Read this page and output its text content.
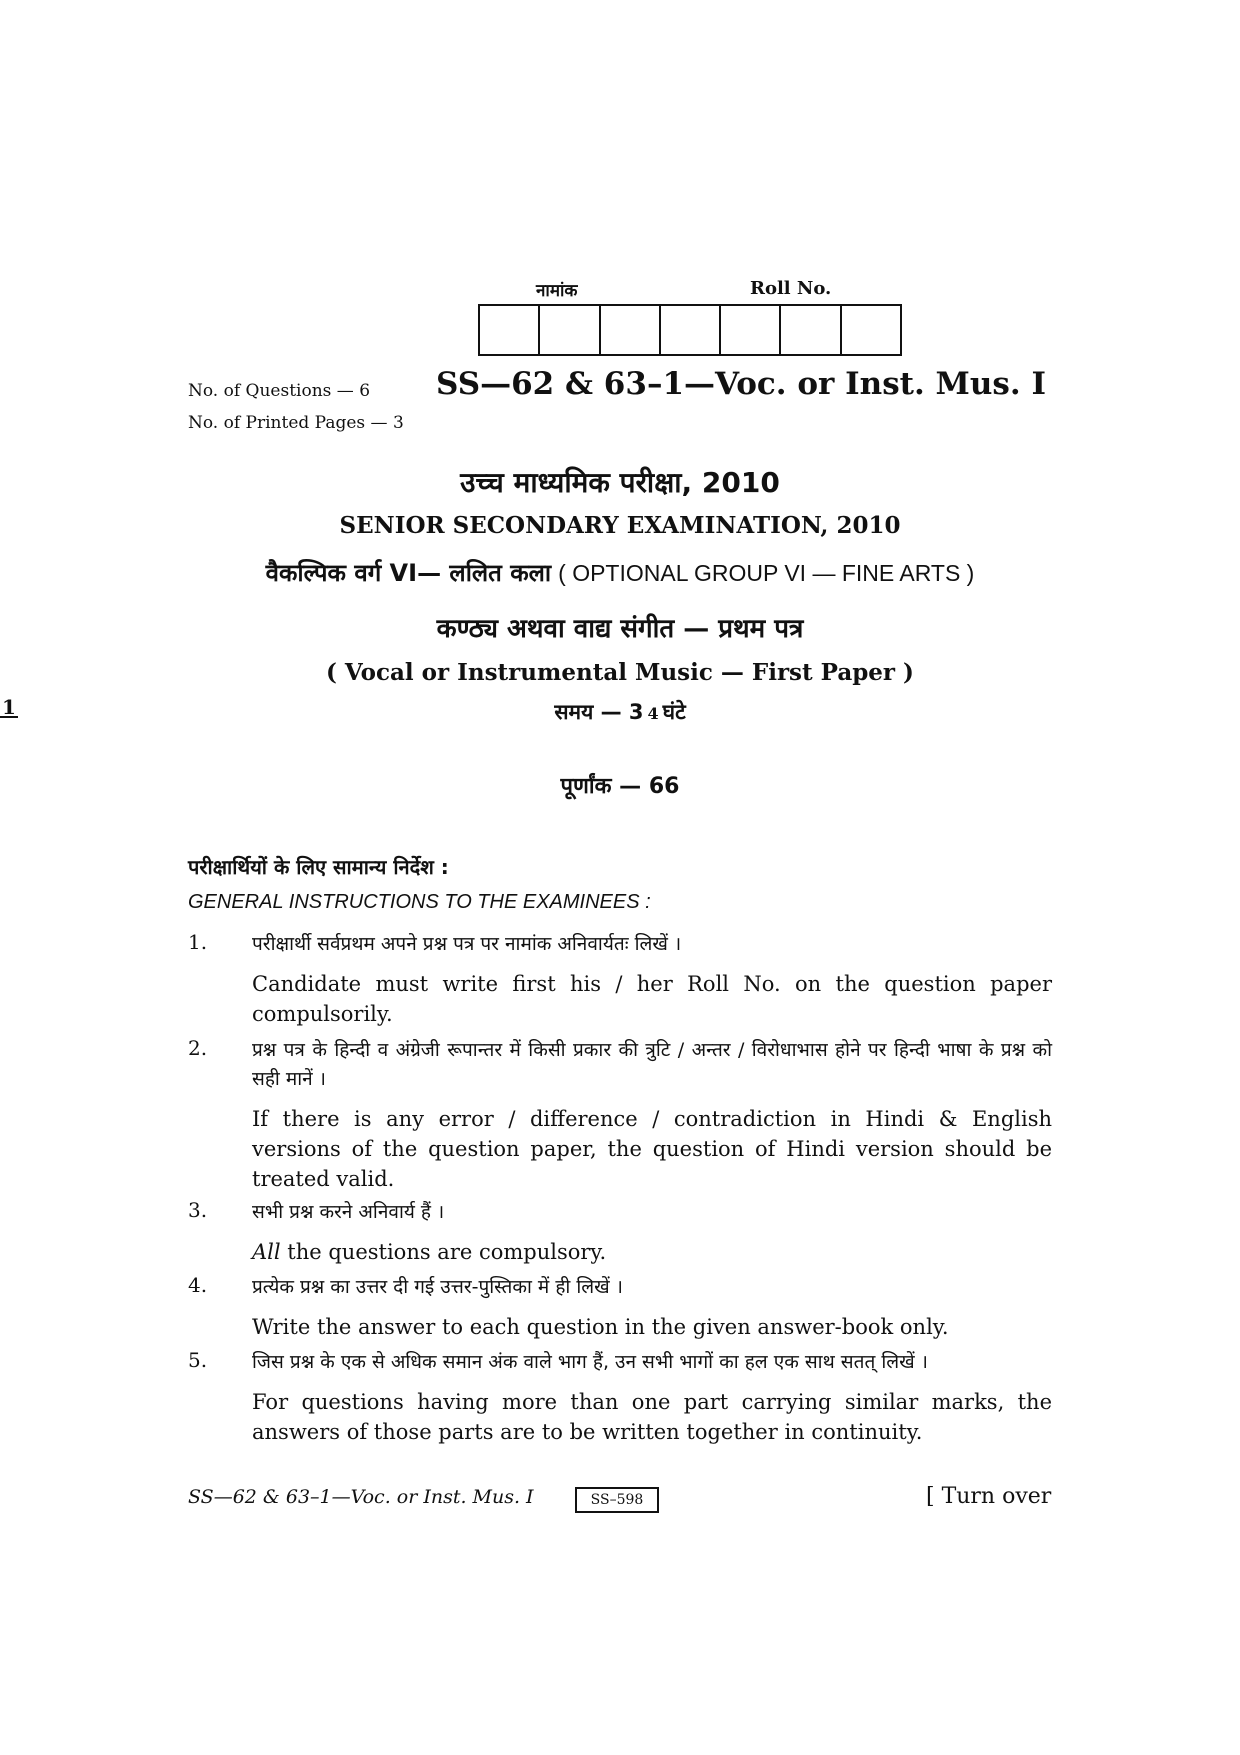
नामांक	Roll No.
No. of Questions — 6
No. of Printed Pages — 3
SS—62 & 63–1—Voc. or Inst. Mus. I
उच्च माध्यमिक परीक्षा, 2010
SENIOR SECONDARY EXAMINATION, 2010
वैकल्पिक वर्ग VI— ललित कला ( OPTIONAL GROUP VI — FINE ARTS )
कण्ठ्य अथवा वाद्य संगीत — प्रथम पत्र
( Vocal or Instrumental Music — First Paper )
समय — 3
1	4 घंटे
पूर्णांक — 66
परीक्षार्थियों के लिए सामान्य निर्देश :
GENERAL INSTRUCTIONS TO THE EXAMINEES :
1. परीक्षार्थी सर्वप्रथम अपने प्रश्न पत्र पर नामांक अनिवार्यतः लिखें ।
Candidate must write first his / her Roll No. on the question paper compulsorily.
2. प्रश्न पत्र के हिन्दी व अंग्रेजी रूपान्तर में किसी प्रकार की त्रुटि / अन्तर / विरोधाभास होने पर हिन्दी भाषा के प्रश्न को सही मानें ।
If there is any error / difference / contradiction in Hindi & English versions of the question paper, the question of Hindi version should be treated valid.
3. सभी प्रश्न करने अनिवार्य हैं ।
All the questions are compulsory.
4. प्रत्येक प्रश्न का उत्तर दी गई उत्तर-पुस्तिका में ही लिखें ।
Write the answer to each question in the given answer-book only.
5. जिस प्रश्न के एक से अधिक समान अंक वाले भाग हैं, उन सभी भागों का हल एक साथ सतत् लिखें ।
For questions having more than one part carrying similar marks, the answers of those parts are to be written together in continuity.
SS—62 & 63–1—Voc. or Inst. Mus. I	SS–598	[ Turn over
